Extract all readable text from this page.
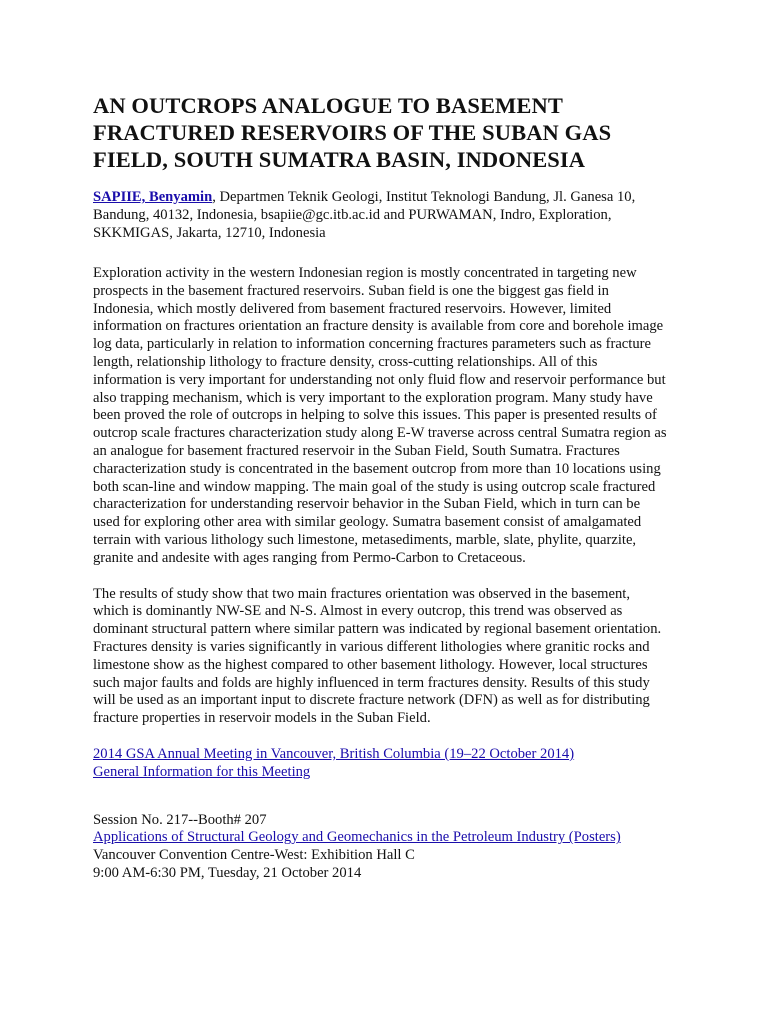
AN OUTCROPS ANALOGUE TO BASEMENT FRACTURED RESERVOIRS OF THE SUBAN GAS FIELD, SOUTH SUMATRA BASIN, INDONESIA

SAPIIE, Benyamin, Departmen Teknik Geologi, Institut Teknologi Bandung, Jl. Ganesa 10, Bandung, 40132, Indonesia, bsapiie@gc.itb.ac.id and PURWAMAN, Indro, Exploration, SKKMIGAS, Jakarta, 12710, Indonesia

Exploration activity in the western Indonesian region is mostly concentrated in targeting new prospects in the basement fractured reservoirs. Suban field is one the biggest gas field in Indonesia, which mostly delivered from basement fractured reservoirs. However, limited information on fractures orientation an fracture density is available from core and borehole image log data, particularly in relation to information concerning fractures parameters such as fracture length, relationship lithology to fracture density, cross-cutting relationships. All of this information is very important for understanding not only fluid flow and reservoir performance but also trapping mechanism, which is very important to the exploration program. Many study have been proved the role of outcrops in helping to solve this issues. This paper is presented results of outcrop scale fractures characterization study along E-W traverse across central Sumatra region as an analogue for basement fractured reservoir in the Suban Field, South Sumatra. Fractures characterization study is concentrated in the basement outcrop from more than 10 locations using both scan-line and window mapping. The main goal of the study is using outcrop scale fractured characterization for understanding reservoir behavior in the Suban Field, which in turn can be used for exploring other area with similar geology. Sumatra basement consist of amalgamated terrain with various lithology such limestone, metasediments, marble, slate, phylite, quarzite, granite and andesite with ages ranging from Permo-Carbon to Cretaceous.

The results of study show that two main fractures orientation was observed in the basement, which is dominantly NW-SE and N-S. Almost in every outcrop, this trend was observed as dominant structural pattern where similar pattern was indicated by regional basement orientation. Fractures density is varies significantly in various different lithologies where granitic rocks and limestone show as the highest compared to other basement lithology. However, local structures such major faults and folds are highly influenced in term fractures density. Results of this study will be used as an important input to discrete fracture network (DFN) as well as for distributing fracture properties in reservoir models in the Suban Field.

2014 GSA Annual Meeting in Vancouver, British Columbia (19–22 October 2014)
General Information for this Meeting
Session No. 217--Booth# 207
Applications of Structural Geology and Geomechanics in the Petroleum Industry (Posters)
Vancouver Convention Centre-West: Exhibition Hall C
9:00 AM-6:30 PM, Tuesday, 21 October 2014
